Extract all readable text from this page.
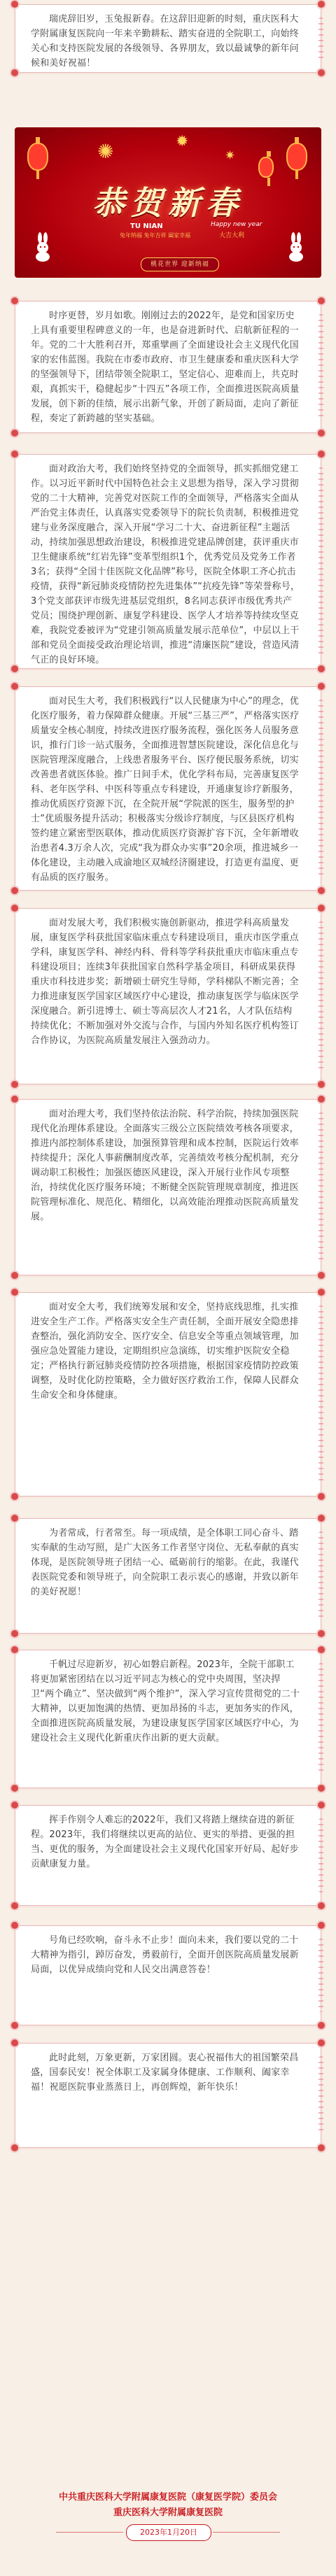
瑞虎辞旧岁，玉兔报新春。在这辞旧迎新的时刻，重庆医科大学附属康复医院向一年来辛勤耕耘、踏实奋进的全院职工，向始终关心和支持医院发展的各级领导、各界朋友，致以最诚挚的新年问候和美好祝福！

✺	✹
✷
恭贺新春
TU NIAN
兔年纳福 兔年吉祥 阖家幸福
Happy new year
大吉大利
桃花世界 迎新纳福

时序更替，岁月如歌。刚刚过去的2022年，是党和国家历史上具有重要里程碑意义的一年，也是奋进新时代、启航新征程的一年。党的二十大胜利召开，郑重擘画了全面建设社会主义现代化国家的宏伟蓝图。我院在市委市政府、市卫生健康委和重庆医科大学的坚强领导下，团结带领全院职工，坚定信心、迎难而上，共克时艰，真抓实干，稳健起步“十四五”各项工作，全面推进医院高质量发展，创下新的佳绩，展示出新气象，开创了新局面，走向了新征程，奏定了新跨越的坚实基础。

面对政治大考，我们始终坚持党的全面领导，抓实抓细党建工作。以习近平新时代中国特色社会主义思想为指导，深入学习贯彻党的二十大精神，完善党对医院工作的全面领导，严格落实全面从严治党主体责任，认真落实党委领导下的院长负责制，积极推进党建与业务深度融合，深入开展“学习二十大、奋进新征程”主题活动，持续加强思想政治建设，积极推进党建品牌创建，获评重庆市卫生健康系统“红岩先锋”变革型组织1个，优秀党员及党务工作者3名；获得“全国十佳医院文化品牌”称号，医院全体职工齐心抗击疫情，获得“新冠肺炎疫情防控先进集体”“抗疫先锋”等荣誉称号，3个党支部获评市级先进基层党组织，8名同志获评市级优秀共产党员；围绕护理创新、康复学科建设、医学人才培养等持续攻坚克难，我院党委被评为“党建引领高质量发展示范单位”，中层以上干部和党员全面接受政治理论培训，推进“清廉医院”建设，营造风清气正的良好环境。

面对民生大考，我们积极践行“以人民健康为中心”的理念，优化医疗服务，着力保障群众健康。开展“三基三严”，严格落实医疗质量安全核心制度，持续改进医疗服务流程，强化医务人员服务意识，推行门诊一站式服务，全面推进智慧医院建设，深化信息化与医院管理深度融合，上线患者服务平台、医疗便民服务系统，切实改善患者就医体验。推广日间手术，优化学科布局，完善康复医学科、老年医学科、中医科等重点专科建设，开通康复诊疗新服务，推动优质医疗资源下沉，在全院开展“学院派的医生，服务型的护士”优质服务提升活动；积极落实分级诊疗制度，与区县医疗机构签约建立紧密型医联体，推动优质医疗资源扩容下沉，全年新增收治患者4.3万余人次，完成“我为群众办实事”20余项，推进城乡一体化建设，主动融入成渝地区双城经济圈建设，打造更有温度、更有品质的医疗服务。

面对发展大考，我们积极实施创新驱动，推进学科高质量发展，康复医学科获批国家临床重点专科建设项目，重庆市医学重点学科，康复医学科、神经内科、骨科等学科获批重庆市临床重点专科建设项目；连续3年获批国家自然科学基金项目，科研成果获得重庆市科技进步奖；新增硕士研究生导师，学科梯队不断完善；全力推进康复医学国家区域医疗中心建设，推动康复医学与临床医学深度融合。新引进博士、硕士等高层次人才21名，人才队伍结构持续优化；不断加强对外交流与合作，与国内外知名医疗机构签订合作协议，为医院高质量发展注入强劲动力。

面对治理大考，我们坚持依法治院、科学治院，持续加强医院现代化治理体系建设。全面落实三级公立医院绩效考核各项要求，推进内部控制体系建设，加强预算管理和成本控制，医院运行效率持续提升；深化人事薪酬制度改革，完善绩效考核分配机制，充分调动职工积极性；加强医德医风建设，深入开展行业作风专项整治，持续优化医疗服务环境；不断健全医院管理规章制度，推进医院管理标准化、规范化、精细化，以高效能治理推动医院高质量发展。

面对安全大考，我们统筹发展和安全，坚持底线思维，扎实推进安全生产工作。严格落实安全生产责任制，全面开展安全隐患排查整治，强化消防安全、医疗安全、信息安全等重点领域管理，加强应急处置能力建设，定期组织应急演练，切实维护医院安全稳定；严格执行新冠肺炎疫情防控各项措施，根据国家疫情防控政策调整，及时优化防控策略，全力做好医疗救治工作，保障人民群众生命安全和身体健康。

为者常成，行者常至。每一项成绩，是全体职工同心奋斗、踏实奉献的生动写照，是广大医务工作者坚守岗位、无私奉献的真实体现，是医院领导班子团结一心、砥砺前行的缩影。在此，我谨代表医院党委和领导班子，向全院职工表示衷心的感谢，并致以新年的美好祝愿！

千帆过尽迎新岁，初心如磐启新程。2023年，全院干部职工将更加紧密团结在以习近平同志为核心的党中央周围，坚决捍卫“两个确立”、坚决做到“两个维护”，深入学习宣传贯彻党的二十大精神，以更加饱满的热情、更加昂扬的斗志，更加务实的作风，全面推进医院高质量发展，为建设康复医学国家区域医疗中心，为建设社会主义现代化新重庆作出新的更大贡献。

挥手作别令人难忘的2022年，我们又将踏上继续奋进的新征程。2023年，我们将继续以更高的站位、更实的举措、更强的担当、更优的服务，为全面建设社会主义现代化国家开好局、起好步贡献康复力量。

号角已经吹响，奋斗永不止步！面向未来，我们要以党的二十大精神为指引，踔厉奋发，勇毅前行，全面开创医院高质量发展新局面，以优异成绩向党和人民交出满意答卷！

此时此刻，万象更新，万家团圆。衷心祝福伟大的祖国繁荣昌盛，国泰民安！祝全体职工及家属身体健康、工作顺利、阖家幸福！祝愿医院事业蒸蒸日上，再创辉煌，新年快乐！

中共重庆医科大学附属康复医院（康复医学院）委员会
重庆医科大学附属康复医院
2023年1月20日
